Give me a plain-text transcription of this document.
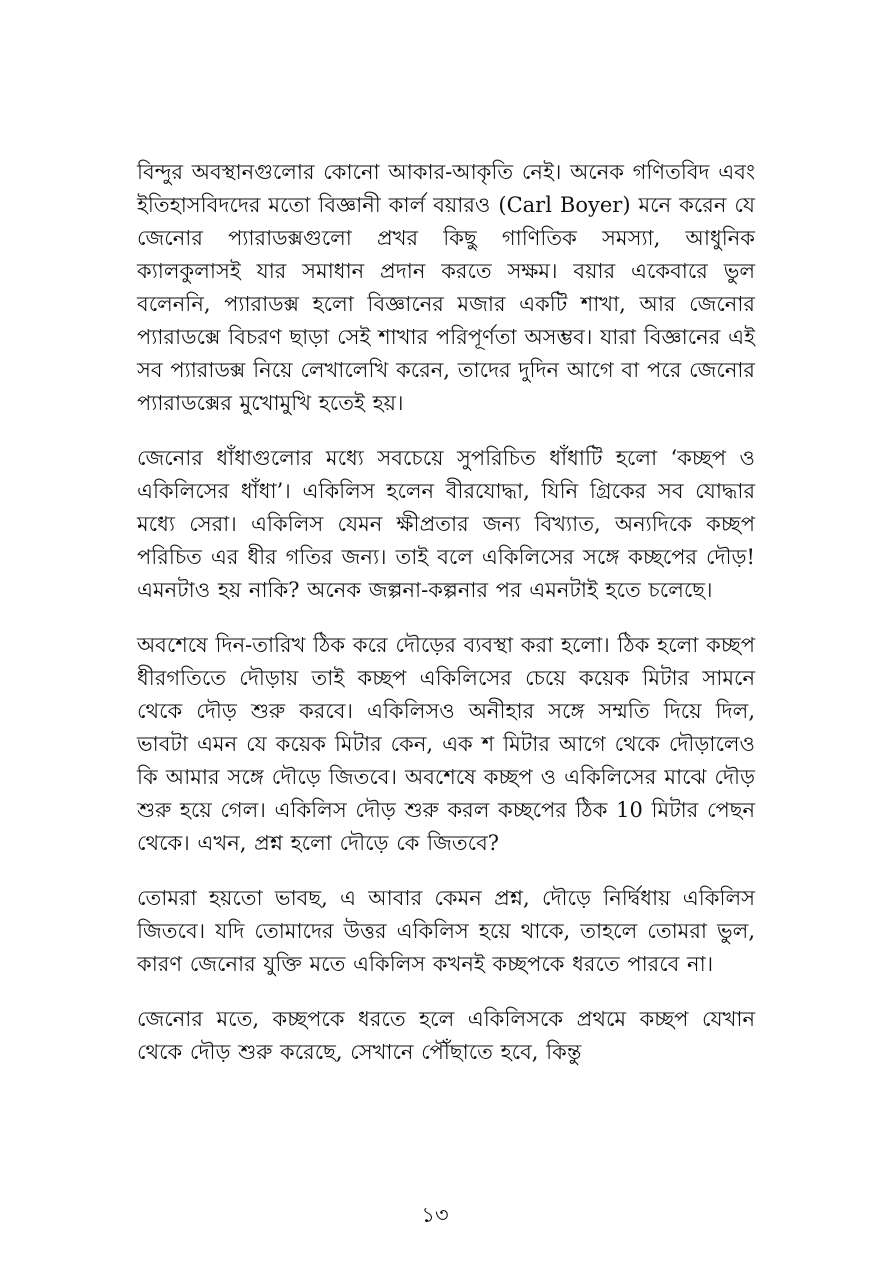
বিন্দুর অবস্থানগুলোর কোনো আকার-আকৃতি নেই। অনেক গণিতবিদ এবং ইতিহাসবিদদের মতো বিজ্ঞানী কার্ল বয়ারও (Carl Boyer) মনে করেন যে জেনোর প্যারাডক্সগুলো প্রখর কিছু গাণিতিক সমস্যা, আধুনিক ক্যালকুলাসই যার সমাধান প্রদান করতে সক্ষম। বয়ার একেবারে ভুল বলেননি, প্যারাডক্স হলো বিজ্ঞানের মজার একটি শাখা, আর জেনোর প্যারাডক্সে বিচরণ ছাড়া সেই শাখার পরিপূর্ণতা অসম্ভব। যারা বিজ্ঞানের এই সব প্যারাডক্স নিয়ে লেখালেখি করেন, তাদের দুদিন আগে বা পরে জেনোর প্যারাডক্সের মুখোমুখি হতেই হয়।

জেনোর ধাঁধাগুলোর মধ্যে সবচেয়ে সুপরিচিত ধাঁধাটি হলো ‘কচ্ছপ ও একিলিসের ধাঁধা’। একিলিস হলেন বীরযোদ্ধা, যিনি গ্রিকের সব যোদ্ধার মধ্যে সেরা। একিলিস যেমন ক্ষীপ্রতার জন্য বিখ্যাত, অন্যদিকে কচ্ছপ পরিচিত এর ধীর গতির জন্য। তাই বলে একিলিসের সঙ্গে কচ্ছপের দৌড়! এমনটাও হয় নাকি? অনেক জল্পনা-কল্পনার পর এমনটাই হতে চলেছে।

অবশেষে দিন-তারিখ ঠিক করে দৌড়ের ব্যবস্থা করা হলো। ঠিক হলো কচ্ছপ ধীরগতিতে দৌড়ায় তাই কচ্ছপ একিলিসের চেয়ে কয়েক মিটার সামনে থেকে দৌড় শুরু করবে। একিলিসও অনীহার সঙ্গে সম্মতি দিয়ে দিল, ভাবটা এমন যে কয়েক মিটার কেন, এক শ মিটার আগে থেকে দৌড়ালেও কি আমার সঙ্গে দৌড়ে জিতবে। অবশেষে কচ্ছপ ও একিলিসের মাঝে দৌড় শুরু হয়ে গেল। একিলিস দৌড় শুরু করল কচ্ছপের ঠিক 10 মিটার পেছন থেকে। এখন, প্রশ্ন হলো দৌড়ে কে জিতবে?

তোমরা হয়তো ভাবছ, এ আবার কেমন প্রশ্ন, দৌড়ে নির্দ্বিধায় একিলিস জিতবে। যদি তোমাদের উত্তর একিলিস হয়ে থাকে, তাহলে তোমরা ভুল, কারণ জেনোর যুক্তি মতে একিলিস কখনই কচ্ছপকে ধরতে পারবে না।

জেনোর মতে, কচ্ছপকে ধরতে হলে একিলিসকে প্রথমে কচ্ছপ যেখান থেকে দৌড় শুরু করেছে, সেখানে পৌঁছাতে হবে, কিন্তু

১৩
